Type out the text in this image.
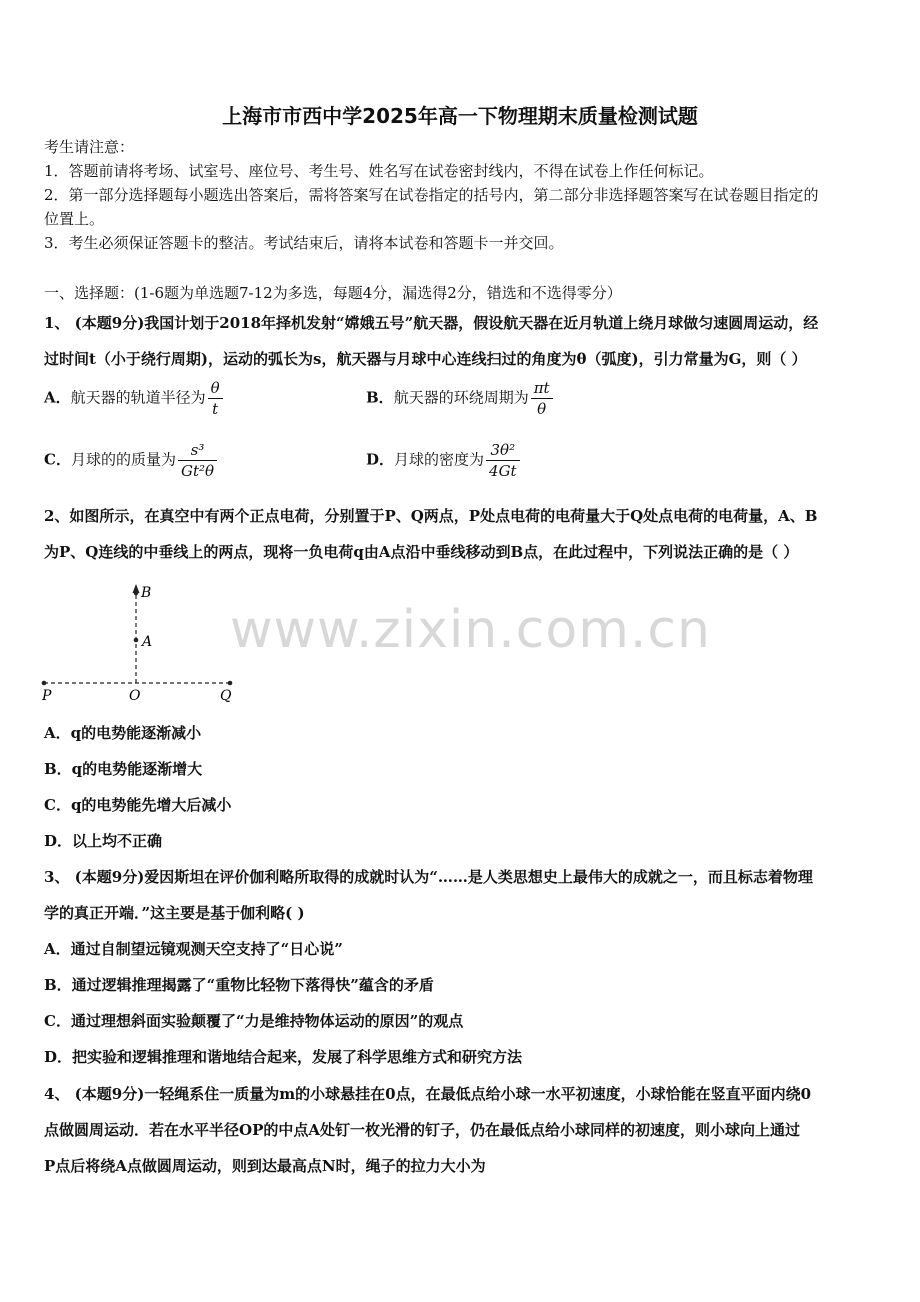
上海市市西中学2025年高一下物理期末质量检测试题
考生请注意：
1．答题前请将考场、试室号、座位号、考生号、姓名写在试卷密封线内，不得在试卷上作任何标记。
2．第一部分选择题每小题选出答案后，需将答案写在试卷指定的括号内，第二部分非选择题答案写在试卷题目指定的
位置上。
3．考生必须保证答题卡的整洁。考试结束后，请将本试卷和答题卡一并交回。
一、选择题：(1-6题为单选题7-12为多选，每题4分，漏选得2分，错选和不选得零分）
1、 (本题9分)我国计划于2018年择机发射“嫦娥五号”航天器，假设航天器在近月轨道上绕月球做匀速圆周运动，经
过时间t（小于绕行周期)，运动的弧长为s，航天器与月球中心连线扫过的角度为θ（弧度)，引力常量为G，则（ ）
A．航天器的轨道半径为 $\frac{\theta}{t}$	B．航天器的环绕周期为 $\frac{\pi t}{\theta}$
C．月球的的质量为 $\frac{\text{s³}}{\text{Gt²θ}}$	D．月球的密度为 $\frac{\text{3θ²}}{4Gt}$
2、如图所示，在真空中有两个正点电荷，分别置于P、Q两点，P处点电荷的电荷量大于Q处点电荷的电荷量，A、B
为P、Q连线的中垂线上的两点，现将一负电荷q由A点沿中垂线移动到B点，在此过程中，下列说法正确的是（ ）
B
A
P	O	Q
www.zixin.com.cn
A．q的电势能逐渐减小
B．q的电势能逐渐增大
C．q的电势能先增大后减小
D．以上均不正确
3、 (本题9分)爱因斯坦在评价伽利略所取得的成就时认为“……是人类思想史上最伟大的成就之一，而且标志着物理
学的真正开端．”这主要是基于伽利略( )
A．通过自制望远镜观测天空支持了“日心说”
B．通过逻辑推理揭露了“重物比轻物下落得快”蕴含的矛盾
C．通过理想斜面实验颠覆了“力是维持物体运动的原因”的观点
D．把实验和逻辑推理和谐地结合起来，发展了科学思维方式和研究方法
4、 (本题9分)一轻绳系住一质量为m的小球悬挂在0点，在最低点给小球一水平初速度，小球恰能在竖直平面内绕0
点做圆周运动．若在水平半径OP的中点A处钉一枚光滑的钉子，仍在最低点给小球同样的初速度，则小球向上通过
P点后将绕A点做圆周运动，则到达最高点N时，绳子的拉力大小为
